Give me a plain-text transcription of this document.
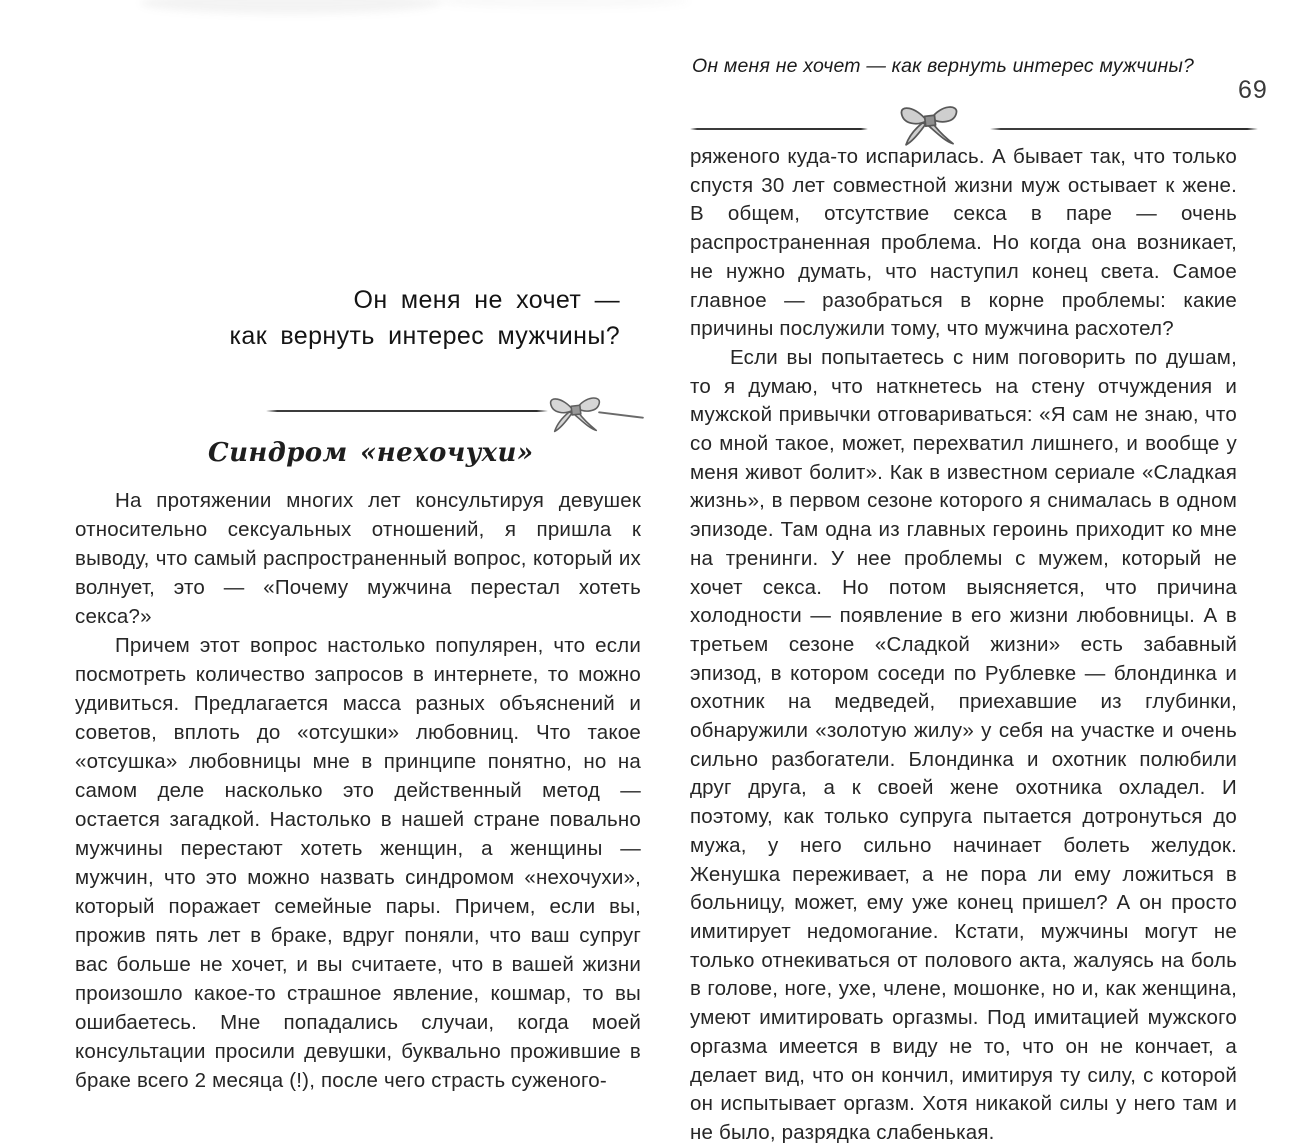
Он меня не хочет —
как вернуть интерес мужчины?
Синдром «нехочухи»

На протяжении многих лет консультируя девушек относительно сексуальных отношений, я пришла к выводу, что самый распространенный вопрос, который их волнует, это — «Почему мужчина перестал хотеть секса?»

Причем этот вопрос настолько популярен, что если посмотреть количество запросов в интернете, то можно удивиться. Предлагается масса разных объяснений и советов, вплоть до «отсушки» любовниц. Что такое «отсушка» любовницы мне в принципе понятно, но на самом деле насколько это действенный метод — остается загадкой. Настолько в нашей стране повально мужчины перестают хотеть женщин, а женщины — мужчин, что это можно назвать синдромом «нехочухи», который поражает семейные пары. Причем, если вы, прожив пять лет в браке, вдруг поняли, что ваш супруг вас больше не хочет, и вы считаете, что в вашей жизни произошло какое-то страшное явление, кошмар, то вы ошибаетесь. Мне попадались случаи, когда моей консультации просили девушки, буквально прожившие в браке всего 2 месяца (!), после чего страсть суженого-

Он меня не хочет — как вернуть интерес мужчины?
69

ряженого куда-то испарилась. А бывает так, что только спустя 30 лет совместной жизни муж остывает к жене. В общем, отсутствие секса в паре — очень распространенная проблема. Но когда она возникает, не нужно думать, что наступил конец света. Самое главное — разобраться в корне проблемы: какие причины послужили тому, что мужчина расхотел?

Если вы попытаетесь с ним поговорить по душам, то я думаю, что наткнетесь на стену отчуждения и мужской привычки отговариваться: «Я сам не знаю, что со мной такое, может, перехватил лишнего, и вообще у меня живот болит». Как в известном сериале «Сладкая жизнь», в первом сезоне которого я снималась в одном эпизоде. Там одна из главных героинь приходит ко мне на тренинги. У нее проблемы с мужем, который не хочет секса. Но потом выясняется, что причина холодности — появление в его жизни любовницы. А в третьем сезоне «Сладкой жизни» есть забавный эпизод, в котором соседи по Рублевке — блондинка и охотник на медведей, приехавшие из глубинки, обнаружили «золотую жилу» у себя на участке и очень сильно разбогатели. Блондинка и охотник полюбили друг друга, а к своей жене охотника охладел. И поэтому, как только супруга пытается дотронуться до мужа, у него сильно начинает болеть желудок. Женушка переживает, а не пора ли ему ложиться в больницу, может, ему уже конец пришел? А он просто имитирует недомогание. Кстати, мужчины могут не только отнекиваться от полового акта, жалуясь на боль в голове, ноге, ухе, члене, мошонке, но и, как женщина, умеют имитировать оргазмы. Под имитацией мужского оргазма имеется в виду не то, что он не кончает, а делает вид, что он кончил, имитируя ту силу, с которой он испытывает оргазм. Хотя никакой силы у него там и не было, разрядка слабенькая.
